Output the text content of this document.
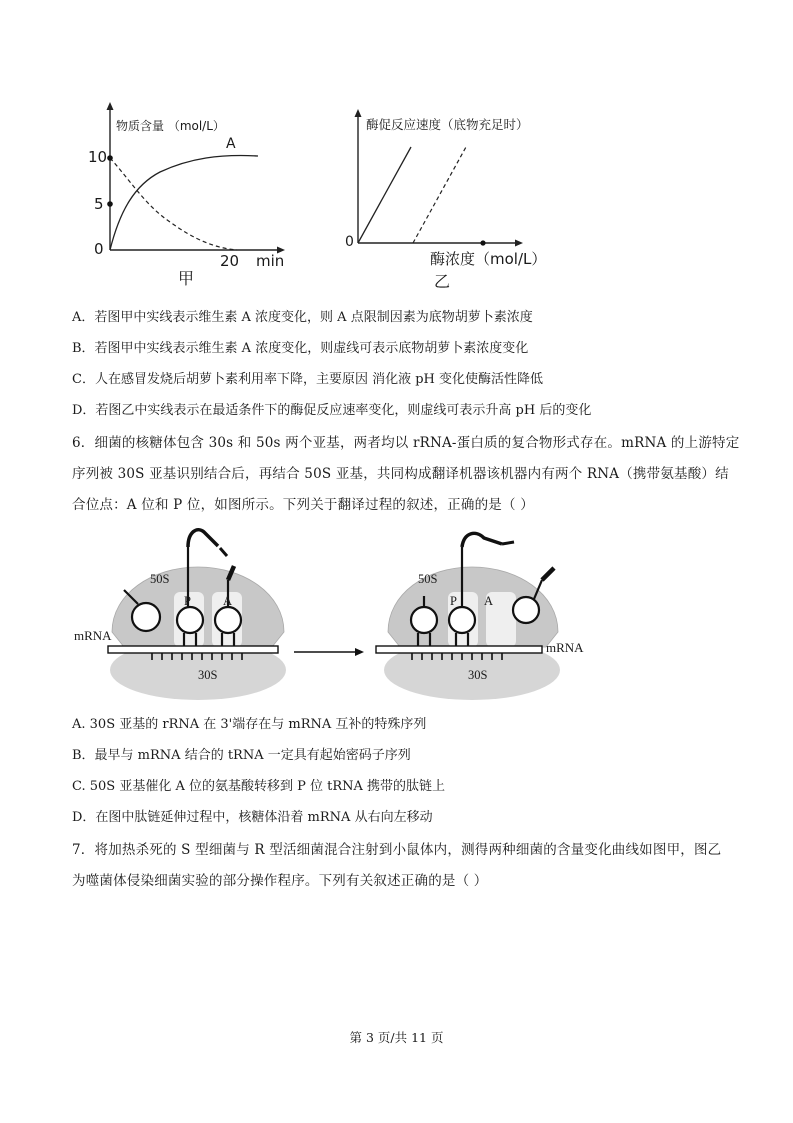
物质含量 （mol/L）
A
10
5
0
20 min
甲
酶促反应速度（底物充足时）
0
酶浓度（mol/L）
乙
A．若图甲中实线表示维生素 A 浓度变化，则 A 点限制因素为底物胡萝卜素浓度
B．若图甲中实线表示维生素 A 浓度变化，则虚线可表示底物胡萝卜素浓度变化
C．人在感冒发烧后胡萝卜素利用率下降，主要原因 消化液 pH 变化使酶活性降低
D．若图乙中实线表示在最适条件下的酶促反应速率变化，则虚线可表示升高 pH 后的变化
6．细菌的核糖体包含 30s 和 50s 两个亚基，两者均以 rRNA-蛋白质的复合物形式存在。mRNA 的上游特定
序列被 30S 亚基识别结合后，再结合 50S 亚基，共同构成翻译机器该机器内有两个 RNA（携带氨基酸）结
合位点：A 位和 P 位，如图所示。下列关于翻译过程的叙述，正确的是（ ）
50S
P	A
mRNA
30S
50S
P A
mRNA
30S
A. 30S 亚基的 rRNA 在 3'端存在与 mRNA 互补的特殊序列
B．最早与 mRNA 结合的 tRNA 一定具有起始密码子序列
C. 50S 亚基催化 A 位的氨基酸转移到 P 位 tRNA 携带的肽链上
D．在图中肽链延伸过程中，核糖体沿着 mRNA 从右向左移动
7．将加热杀死的 S 型细菌与 R 型活细菌混合注射到小鼠体内，测得两种细菌的含量变化曲线如图甲，图乙
为噬菌体侵染细菌实验的部分操作程序。下列有关叙述正确的是（ ）
第 3 页/共 11 页
